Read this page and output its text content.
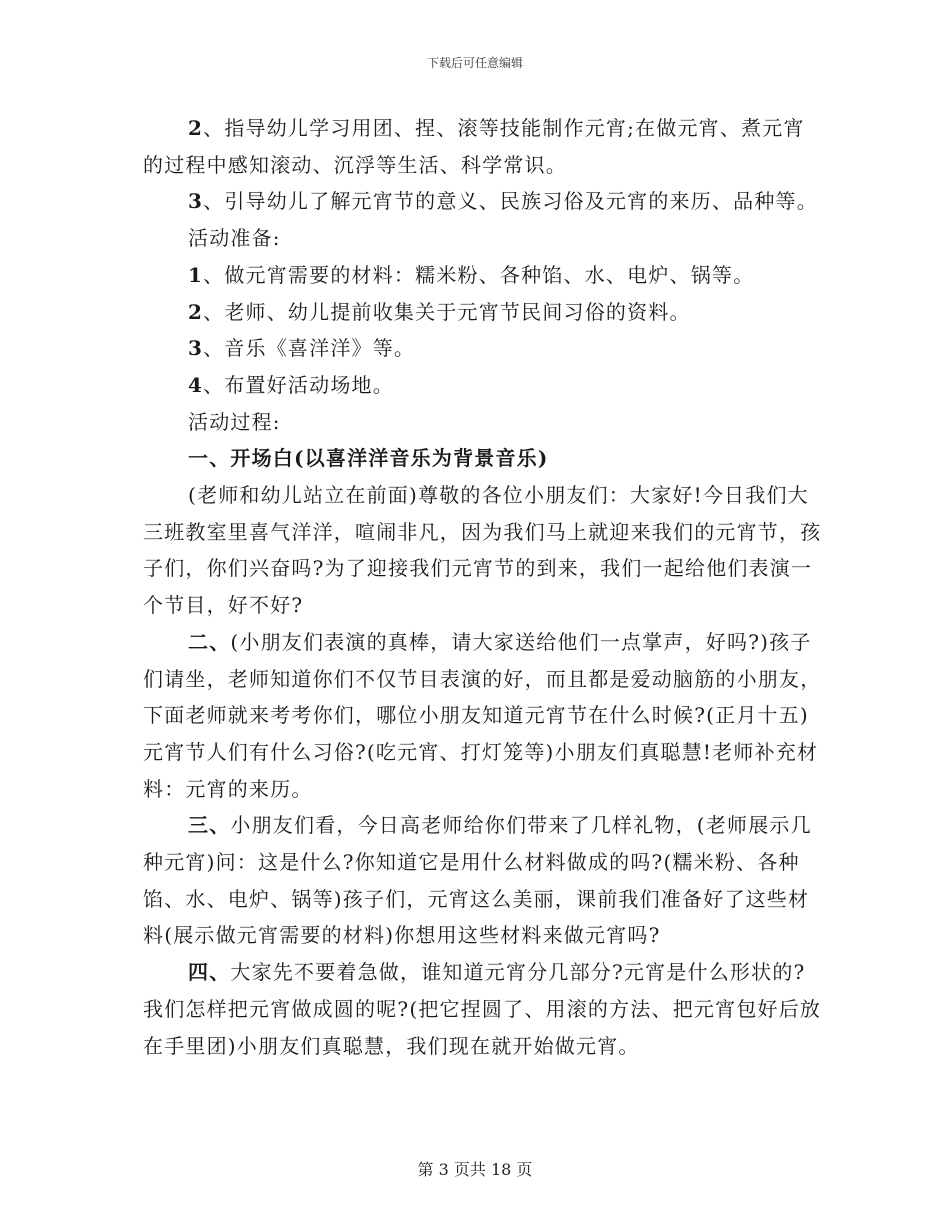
下载后可任意编辑

2、指导幼儿学习用团、捏、滚等技能制作元宵;在做元宵、煮元宵的过程中感知滚动、沉浮等生活、科学常识。

3、引导幼儿了解元宵节的意义、民族习俗及元宵的来历、品种等。

活动准备:

1、做元宵需要的材料：糯米粉、各种馅、水、电炉、锅等。

2、老师、幼儿提前收集关于元宵节民间习俗的资料。

3、音乐《喜洋洋》等。

4、布置好活动场地。

活动过程:

一、开场白(以喜洋洋音乐为背景音乐)

(老师和幼儿站立在前面)尊敬的各位小朋友们：大家好!今日我们大三班教室里喜气洋洋，喧闹非凡，因为我们马上就迎来我们的元宵节，孩子们，你们兴奋吗?为了迎接我们元宵节的到来，我们一起给他们表演一个节目，好不好?

二、(小朋友们表演的真棒，请大家送给他们一点掌声，好吗?)孩子们请坐，老师知道你们不仅节目表演的好，而且都是爱动脑筋的小朋友，下面老师就来考考你们，哪位小朋友知道元宵节在什么时候?(正月十五)元宵节人们有什么习俗?(吃元宵、打灯笼等)小朋友们真聪慧!老师补充材料：元宵的来历。

三、小朋友们看，今日高老师给你们带来了几样礼物，(老师展示几种元宵)问：这是什么?你知道它是用什么材料做成的吗?(糯米粉、各种馅、水、电炉、锅等)孩子们，元宵这么美丽，课前我们准备好了这些材料(展示做元宵需要的材料)你想用这些材料来做元宵吗?

四、大家先不要着急做，谁知道元宵分几部分?元宵是什么形状的?我们怎样把元宵做成圆的呢?(把它捏圆了、用滚的方法、把元宵包好后放在手里团)小朋友们真聪慧，我们现在就开始做元宵。

第 3 页共 18 页
